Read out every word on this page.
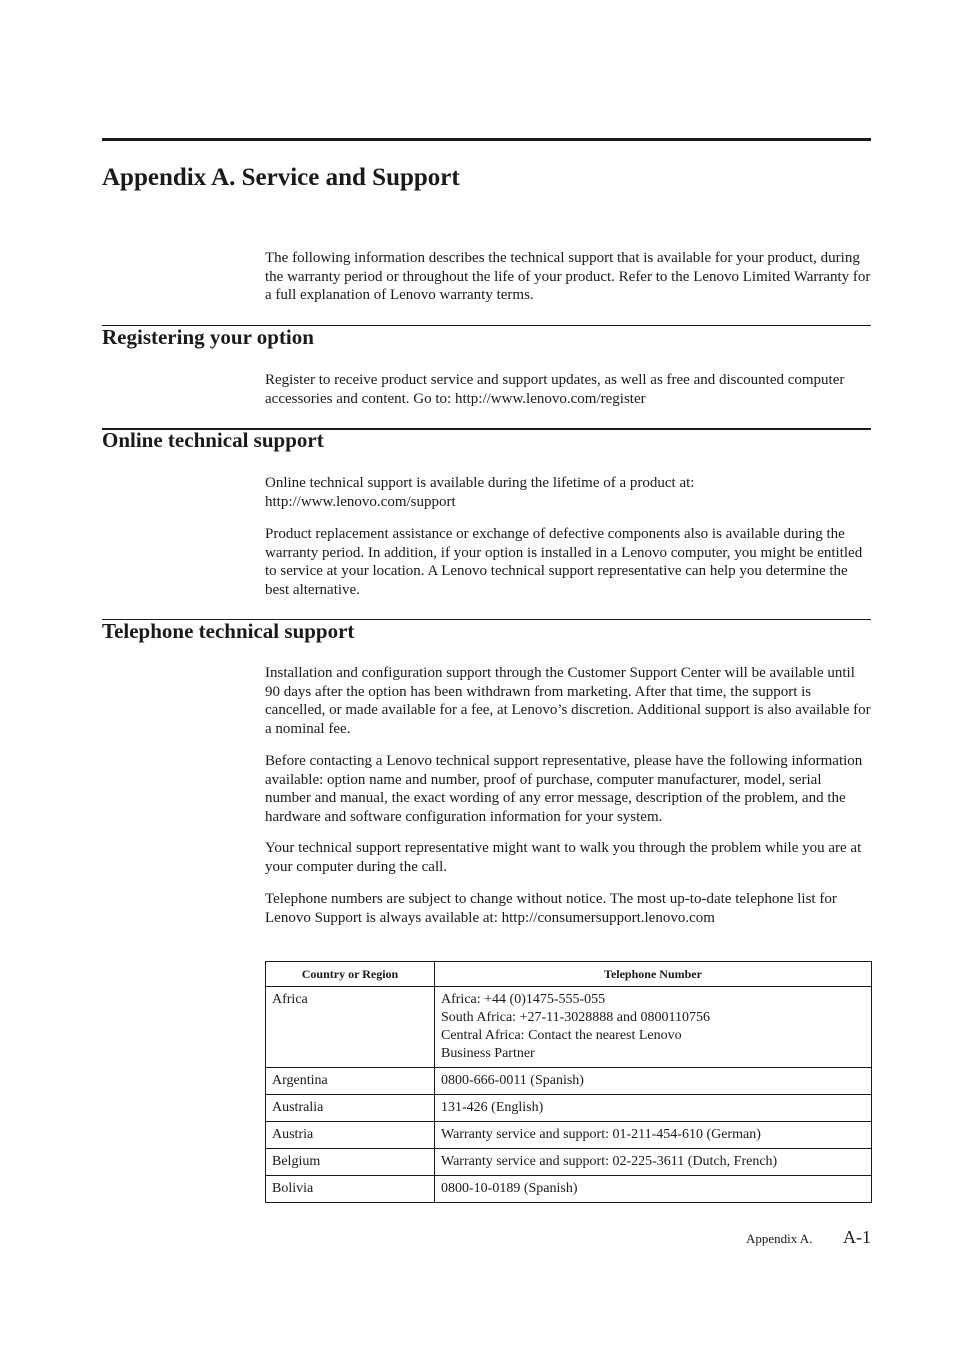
Appendix A. Service and Support

The following information describes the technical support that is available for your product, during the warranty period or throughout the life of your product. Refer to the Lenovo Limited Warranty for a full explanation of Lenovo warranty terms.

Registering your option

Register to receive product service and support updates, as well as free and discounted computer accessories and content. Go to: http://www.lenovo.com/register

Online technical support

Online technical support is available during the lifetime of a product at: http://www.lenovo.com/support

Product replacement assistance or exchange of defective components also is available during the warranty period. In addition, if your option is installed in a Lenovo computer, you might be entitled to service at your location. A Lenovo technical support representative can help you determine the best alternative.

Telephone technical support

Installation and configuration support through the Customer Support Center will be available until 90 days after the option has been withdrawn from marketing. After that time, the support is cancelled, or made available for a fee, at Lenovo’s discretion. Additional support is also available for a nominal fee.

Before contacting a Lenovo technical support representative, please have the following information available: option name and number, proof of purchase, computer manufacturer, model, serial number and manual, the exact wording of any error message, description of the problem, and the hardware and software configuration information for your system.

Your technical support representative might want to walk you through the problem while you are at your computer during the call.

Telephone numbers are subject to change without notice. The most up-to-date telephone list for Lenovo Support is always available at: http://consumersupport.lenovo.com

Country or Region	Telephone Number
Africa	Africa: +44 (0)1475-555-055
South Africa: +27-11-3028888 and 0800110756
Central Africa: Contact the nearest Lenovo
Business Partner

Argentina	0800-666-0011 (Spanish)
Australia	131-426 (English)
Austria	Warranty service and support: 01-211-454-610 (German)
Belgium	Warranty service and support: 02-225-3611 (Dutch, French)
Bolivia	0800-10-0189 (Spanish)
Appendix A. A-1
